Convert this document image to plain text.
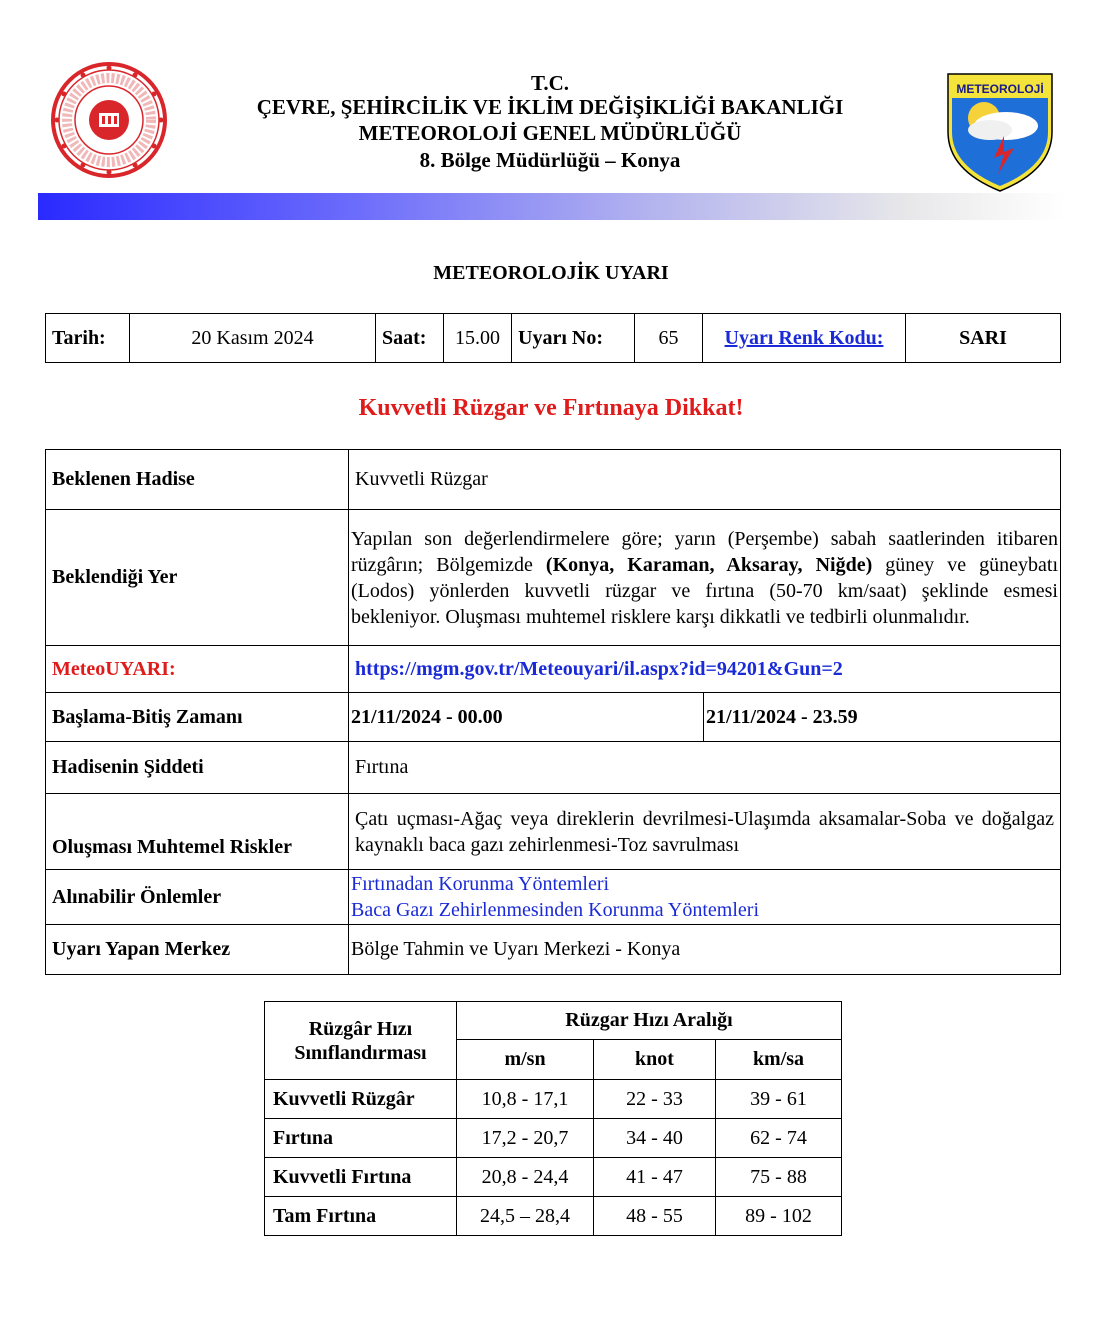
T.C.
ÇEVRE, ŞEHİRCİLİK VE İKLİM DEĞİŞİKLİĞİ BAKANLIĞI
METEOROLOJİ GENEL MÜDÜRLÜĞÜ
8. Bölge Müdürlüğü – Konya
METEOROLOJİ
METEOROLOJİK UYARI
Tarih:	20 Kasım 2024	Saat:	15.00	Uyarı No:	65	Uyarı Renk Kodu:	SARI
Kuvvetli Rüzgar ve Fırtınaya Dikkat!
Beklenen Hadise	Kuvvetli Rüzgar
Beklendiği Yer	Yapılan son değerlendirmelere göre; yarın (Perşembe) sabah saatlerinden itibaren rüzgârın; Bölgemizde (Konya, Karaman, Aksaray, Niğde) güney ve güneybatı (Lodos) yönlerden kuvvetli rüzgar ve fırtına (50-70 km/saat) şeklinde esmesi bekleniyor. Oluşması muhtemel risklere karşı dikkatli ve tedbirli olunmalıdır.
MeteoUYARI:	https://mgm.gov.tr/Meteouyari/il.aspx?id=94201&Gun=2
Başlama-Bitiş Zamanı		21/11/2024 - 00.00	21/11/2024 - 23.59

Hadisenin Şiddeti	Fırtına
Oluşması Muhtemel Riskler	Çatı uçması-Ağaç veya direklerin devrilmesi-Ulaşımda aksamalar-Soba ve doğalgaz kaynaklı baca gazı zehirlenmesi-Toz savrulması
Alınabilir Önlemler	
Fırtınadan Korunma Yöntemleri
Baca Gazı Zehirlenmesinden Korunma Yöntemleri

Uyarı Yapan Merkez	Bölge Tahmin ve Uyarı Merkezi - Konya
Rüzgâr Hızı
Sınıflandırması	Rüzgar Hızı Aralığı		
	m/sn	knot	km/sa
Kuvvetli Rüzgâr	10,8 - 17,1	22 - 33	39 - 61
Fırtına	17,2 - 20,7	34 - 40	62 - 74
Kuvvetli Fırtına	20,8 - 24,4	41 - 47	75 - 88
Tam Fırtına	24,5 – 28,4	48 - 55	89 - 102
